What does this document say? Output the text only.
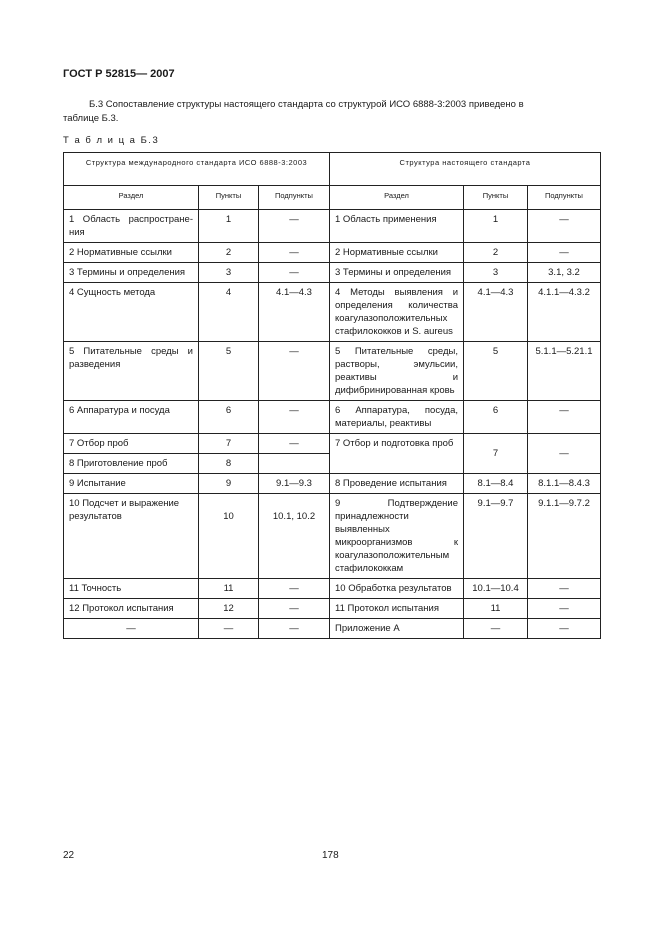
ГОСТ Р 52815— 2007
Б.3 Сопоставление структуры настоящего стандарта со структурой ИСО 6888-3:2003 приведено в
таблице Б.3.
Т а б л и ц а Б.3
Структура международного стандарта ИСО 6888-3:2003			Структура настоящего стандарта		
Раздел	Пункты	Подпункты	Раздел	Пункты	Подпункты
1 Область распростране-ния	1	—	1 Область применения	1	—
2 Нормативные ссылки	2	—	2 Нормативные ссылки	2	—
3 Термины и определения	3	—	3 Термины и определения	3	3.1, 3.2
4 Сущность метода	4	4.1—4.3	4 Методы выявления и определения количества коагулазоположительных стафилококков и S. aureus	4.1—4.3	4.1.1—4.3.2
5 Питательные среды и разведения	5	—	5 Питательные среды, растворы, эмульсии, реактивы и дифибринированная кровь	5	5.1.1—5.21.1
6 Аппаратура и посуда	6	—	6 Аппаратура, посуда, материалы, реактивы	6	—
7 Отбор проб	7	—	7 Отбор и подготовка проб	7	—
8 Приготовление проб	8				
9 Испытание	9	9.1—9.3	8 Проведение испытания	8.1—8.4	8.1.1—8.4.3
10 Подсчет и выражение результатов	10	10.1, 10.2	9 Подтверждение принадлежности выявленных микроорганизмов к коагулазоположительным стафилококкам	9.1—9.7	9.1.1—9.7.2
11 Точность	11	—	10 Обработка результатов	10.1—10.4	—
12 Протокол испытания	12	—	11 Протокол испытания	11	—
—	—	—	Приложение А	—	—
22	178
